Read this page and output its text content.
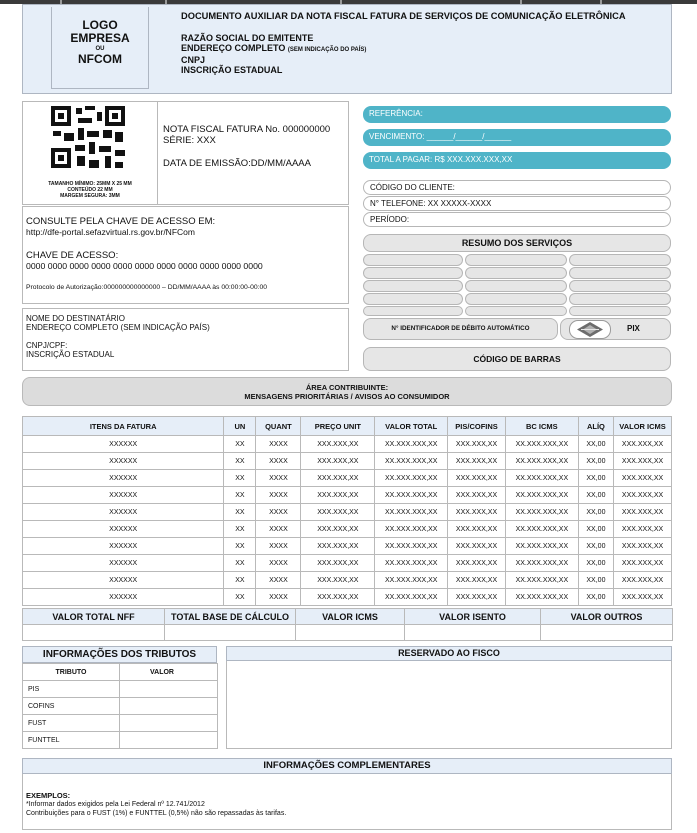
LOGO
EMPRESA
OU
NFCOM
DOCUMENTO AUXILIAR DA NOTA FISCAL FATURA DE SERVIÇOS DE COMUNICAÇÃO ELETRÔNICA
RAZÃO SOCIAL DO EMITENTE
ENDEREÇO COMPLETO (SEM INDICAÇÃO DO PAÍS)
CNPJ
INSCRIÇÃO ESTADUAL
TAMANHO MÍNIMO: 25MM X 25 MM
CONTEÚDO 22 MM
MARGEM SEGURA: 3MM
NOTA FISCAL FATURA No. 000000000
SÉRIE: XXX
DATA DE EMISSÃO:DD/MM/AAAA
REFERÊNCIA:
VENCIMENTO: ______/______/______
TOTAL A PAGAR: R$ XXX.XXX.XXX,XX
CÓDIGO DO CLIENTE:
N° TELEFONE: XX XXXXX-XXXX
PERÍODO:
CONSULTE PELA CHAVE DE ACESSO EM:
http://dfe-portal.sefazvirtual.rs.gov.br/NFCom
CHAVE DE ACESSO:
0000 0000 0000 0000 0000 0000 0000 0000 0000 0000 0000
Protocolo de Autorização:000000000000000 – DD/MM/AAAA às 00:00:00-00:00
RESUMO DOS SERVIÇOS
N° IDENTIFICADOR DE DÉBITO AUTOMÁTICO	PIX
CÓDIGO DE BARRAS
NOME DO DESTINATÁRIO
ENDEREÇO COMPLETO (SEM INDICAÇÃO PAÍS)
CNPJ/CPF:
INSCRIÇÃO ESTADUAL
ÁREA CONTRIBUINTE:
MENSAGENS PRIORITÁRIAS / AVISOS AO CONSUMIDOR
ITENS DA FATURA	UN	QUANT	PREÇO UNIT	VALOR TOTAL	PIS/COFINS	BC ICMS	ALÍQ	VALOR ICMS
XXXXXX	XX	XXXX	XXX.XXX,XX	XX.XXX.XXX,XX	XXX.XXX,XX	XX.XXX.XXX,XX	XX,00	XXX.XXX,XX
XXXXXX	XX	XXXX	XXX.XXX,XX	XX.XXX.XXX,XX	XXX.XXX,XX	XX.XXX.XXX,XX	XX,00	XXX.XXX,XX
XXXXXX	XX	XXXX	XXX.XXX,XX	XX.XXX.XXX,XX	XXX.XXX,XX	XX.XXX.XXX,XX	XX,00	XXX.XXX,XX
XXXXXX	XX	XXXX	XXX.XXX,XX	XX.XXX.XXX,XX	XXX.XXX,XX	XX.XXX.XXX,XX	XX,00	XXX.XXX,XX
XXXXXX	XX	XXXX	XXX.XXX,XX	XX.XXX.XXX,XX	XXX.XXX,XX	XX.XXX.XXX,XX	XX,00	XXX.XXX,XX
XXXXXX	XX	XXXX	XXX.XXX,XX	XX.XXX.XXX,XX	XXX.XXX,XX	XX.XXX.XXX,XX	XX,00	XXX.XXX,XX
XXXXXX	XX	XXXX	XXX.XXX,XX	XX.XXX.XXX,XX	XXX.XXX,XX	XX.XXX.XXX,XX	XX,00	XXX.XXX,XX
XXXXXX	XX	XXXX	XXX.XXX,XX	XX.XXX.XXX,XX	XXX.XXX,XX	XX.XXX.XXX,XX	XX,00	XXX.XXX,XX
XXXXXX	XX	XXXX	XXX.XXX,XX	XX.XXX.XXX,XX	XXX.XXX,XX	XX.XXX.XXX,XX	XX,00	XXX.XXX,XX
XXXXXX	XX	XXXX	XXX.XXX,XX	XX.XXX.XXX,XX	XXX.XXX,XX	XX.XXX.XXX,XX	XX,00	XXX.XXX,XX
VALOR TOTAL NFF	TOTAL BASE DE CÁLCULO	VALOR ICMS	VALOR ISENTO	VALOR OUTROS

INFORMAÇÕES DOS TRIBUTOS
TRIBUTO	VALOR
PIS	
COFINS	
FUST	
FUNTTEL	
RESERVADO AO FISCO
INFORMAÇÕES COMPLEMENTARES
EXEMPLOS:
*Informar dados exigidos pela Lei Federal nº 12.741/2012
Contribuições para o FUST (1%) e FUNTTEL (0,5%) não são repassadas às tarifas.
